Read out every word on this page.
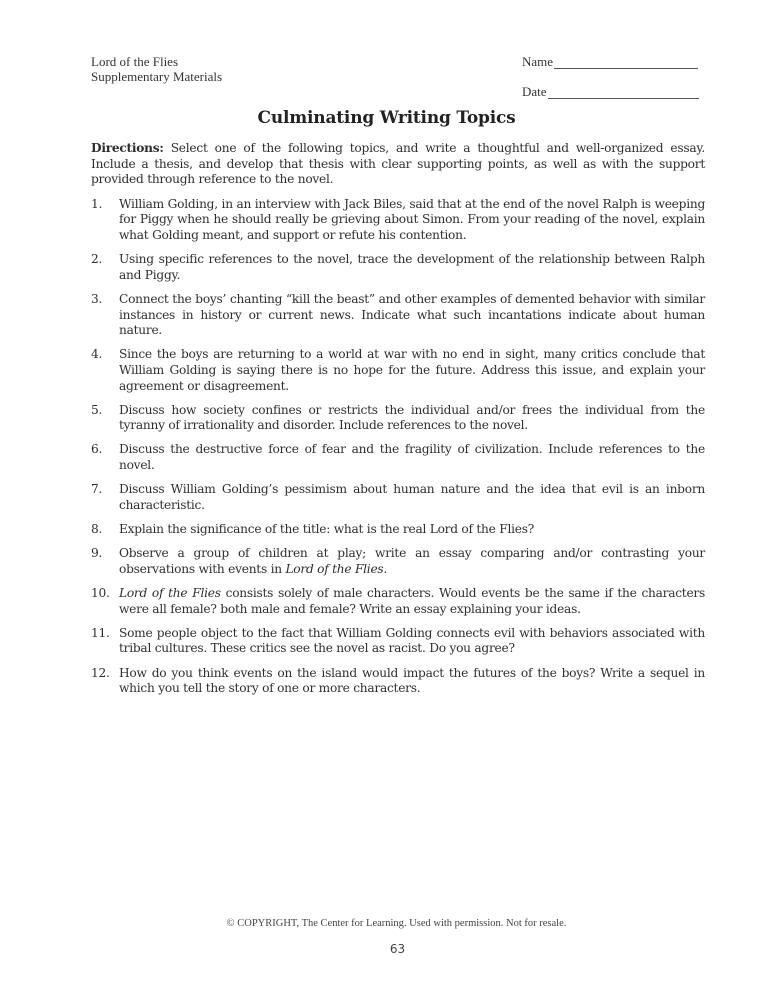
Lord of the Flies
Supplementary Materials
Name
Date
Culminating Writing Topics

Directions: Select one of the following topics, and write a thoughtful and well-organized essay. Include a thesis, and develop that thesis with clear supporting points, as well as with the support provided through reference to the novel.

1.	William Golding, in an interview with Jack Biles, said that at the end of the novel Ralph is weeping for Piggy when he should really be grieving about Simon. From your reading of the novel, explain what Golding meant, and support or refute his contention.
2.	Using specific references to the novel, trace the development of the relationship between Ralph and Piggy.
3.	Connect the boys’ chanting “kill the beast” and other examples of demented behavior with similar instances in history or current news. Indicate what such incantations indicate about human nature.
4.	Since the boys are returning to a world at war with no end in sight, many critics conclude that William Golding is saying there is no hope for the future. Address this issue, and explain your agreement or disagreement.
5.	Discuss how society confines or restricts the individual and/or frees the individual from the tyranny of irrationality and disorder. Include references to the novel.
6.	Discuss the destructive force of fear and the fragility of civilization. Include references to the novel.
7.	Discuss William Golding’s pessimism about human nature and the idea that evil is an inborn characteristic.
8.	Explain the significance of the title: what is the real Lord of the Flies?
9.	Observe a group of children at play; write an essay comparing and/or contrasting your observations with events in Lord of the Flies.
10. Lord of the Flies consists solely of male characters. Would events be the same if the characters were all female? both male and female? Write an essay explaining your ideas.
11. Some people object to the fact that William Golding connects evil with behaviors associated with tribal cultures. These critics see the novel as racist. Do you agree?
12. How do you think events on the island would impact the futures of the boys? Write a sequel in which you tell the story of one or more characters.
© COPYRIGHT, The Center for Learning. Used with permission. Not for resale.
63
